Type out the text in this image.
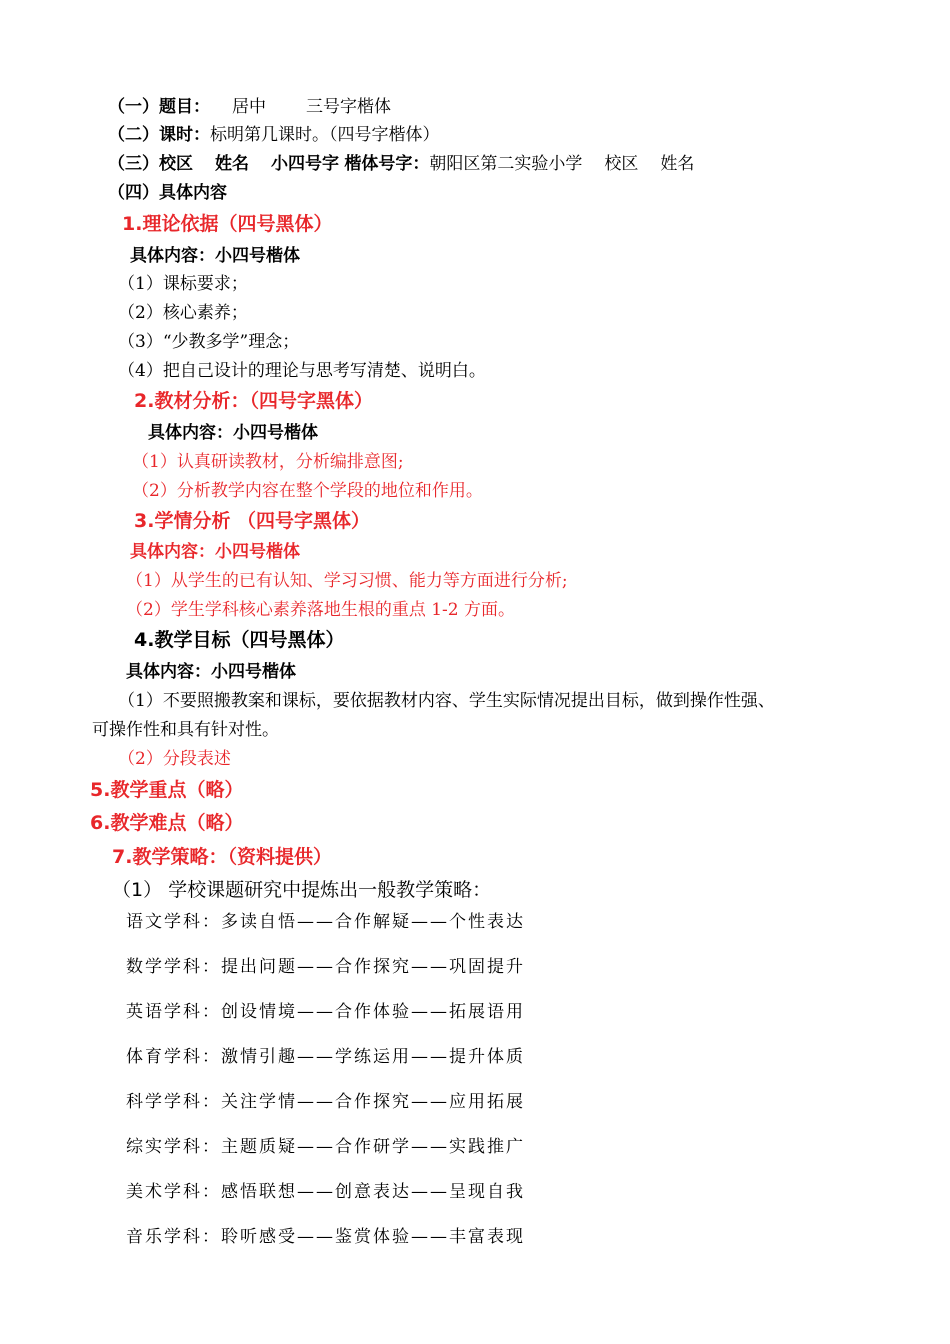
（一）题目： 居中 三号字楷体
（二）课时：标明第几课时。（四号字楷体）
（三）校区 姓名 小四号字 楷体号字：朝阳区第二实验小学 校区 姓名
（四）具体内容
1.理论依据（四号黑体）
具体内容：小四号楷体
（1）课标要求；
（2）核心素养；
（3）“少教多学”理念；
（4）把自己设计的理论与思考写清楚、说明白。
2.教材分析：（四号字黑体）
具体内容：小四号楷体
（1）认真研读教材，分析编排意图;
（2）分析教学内容在整个学段的地位和作用。
3.学情分析 （四号字黑体）
具体内容：小四号楷体
（1）从学生的已有认知、学习习惯、能力等方面进行分析;
（2）学生学科核心素养落地生根的重点 1-2 方面。
4.教学目标（四号黑体）
具体内容：小四号楷体
（1）不要照搬教案和课标，要依据教材内容、学生实际情况提出目标，做到操作性强、
可操作性和具有针对性。
（2）分段表述
5.教学重点（略）
6.教学难点（略）
7.教学策略：（资料提供）
（1） 学校课题研究中提炼出一般教学策略：
语文学科：多读自悟——合作解疑——个性表达
数学学科：提出问题——合作探究——巩固提升
英语学科：创设情境——合作体验——拓展语用
体育学科：激情引趣——学练运用——提升体质
科学学科：关注学情——合作探究——应用拓展
综实学科：主题质疑——合作研学——实践推广
美术学科：感悟联想——创意表达——呈现自我
音乐学科：聆听感受——鉴赏体验——丰富表现
